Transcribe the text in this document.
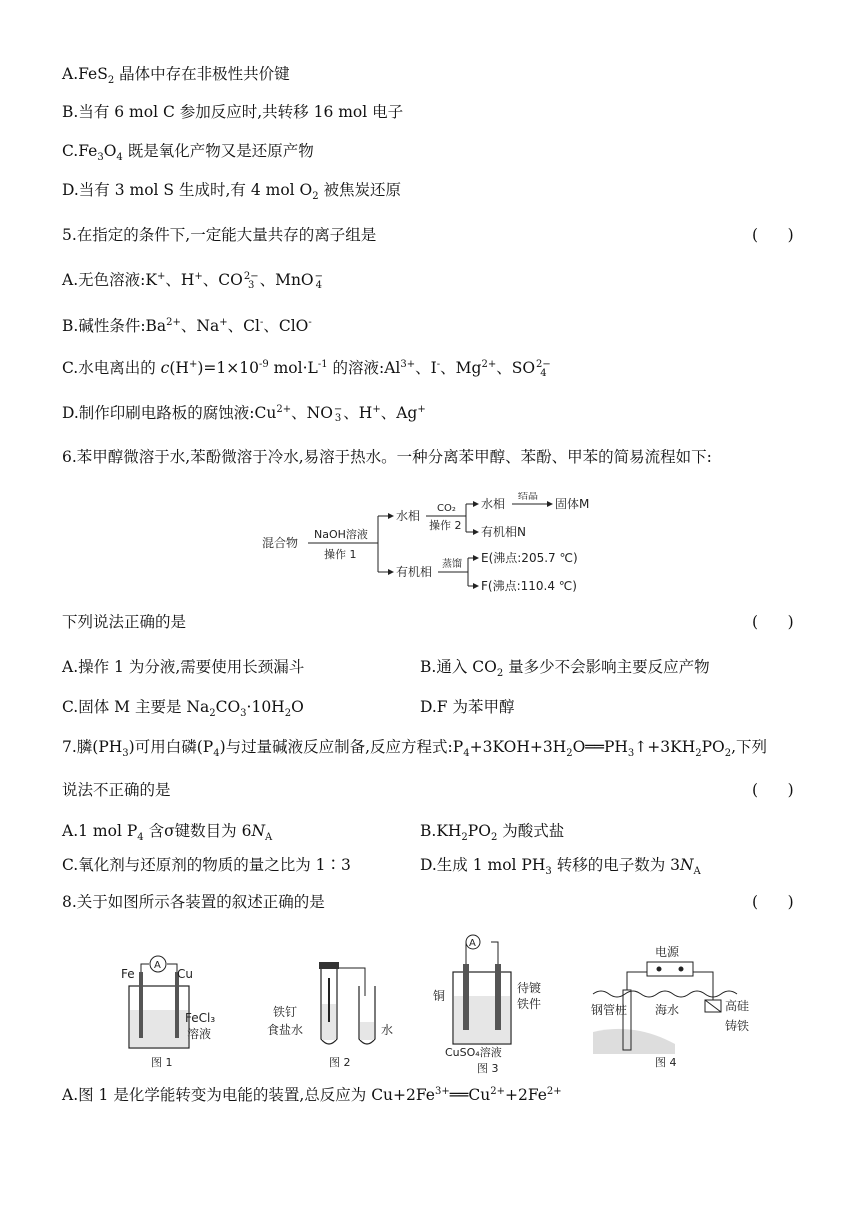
A.FeS$_2$ 晶体中存在非极性共价键
B.当有 6 mol C 参加反应时,共转移 16 mol 电子
$C.Fe_3O_4$ 既是氧化产物又是还原产物
D.当有 3 mol S 生成时,有 4 mol $O_2$ 被焦炭还原
5.在指定的条件下,一定能大量共存的离子组是	(      )
A.无色溶液:K+、H+、CO 2−
3 、MnO −
4
B.碱性条件$:Ba^{2+}$、Na+、Cl-、ClO-
C.水电离出的 $c(H^+)=1\times 10^{-9}$ $mol\cdot L^{-1}$ 的溶液$:Al^{3+}$、I-、$Mg^{2+}$、SO 2−
4
D.制作印刷电路板的腐蚀液$:Cu^{2+}$、NO −
3 、H+、Ag+
6.苯甲醇微溶于水,苯酚微溶于冷水,易溶于热水。一种分离苯甲醇、苯酚、甲苯的简易流程如下:
混合物
NaOH溶液
操作 1
水相
CO₂
操作 2
水相
结晶
固体M
有机相N
有机相
蒸馏 E(沸点:205.7 ℃)
F(沸点:110.4 ℃)
下列说法正确的是	(      )
A.操作 1 为分液,需要使用长颈漏斗	B.通入 $CO_2$ 量多少不会影响主要反应产物
C.固体 M 主要是 $Na_2CO_3\cdot 10H_2O$	D.F 为苯甲醇
7.膦$(PH_3)$可用白磷$(P_4)$与过量碱液反应制备,反应方程式$:P_4+3KOH+3H_2O══PH_3↑+3KH_2PO_2$,下列
说法不正确的是	(      )
A.1 mol $P_4$ 含σ键数目为 $6N_A$	$B.KH_2PO_2$ 为酸式盐
C.氧化剂与还原剂的物质的量之比为 1∶3	D.生成 1 mol $PH_3$ 转移的电子数为 $3N_A$
8.关于如图所示各装置的叙述正确的是	(      )
A
Fe	Cu
FeCl₃
溶液
图 1
铁钉
食盐水	水
图 2
A
铜
待镀
铁件
CuSO₄溶液
图 3
电源
钢管桩 海水	高硅
铸铁
图 4
A.图 1 是化学能转变为电能的装置,总反应为 $Cu+2Fe^{3+}══Cu^{2+}+2Fe^{2+}$
